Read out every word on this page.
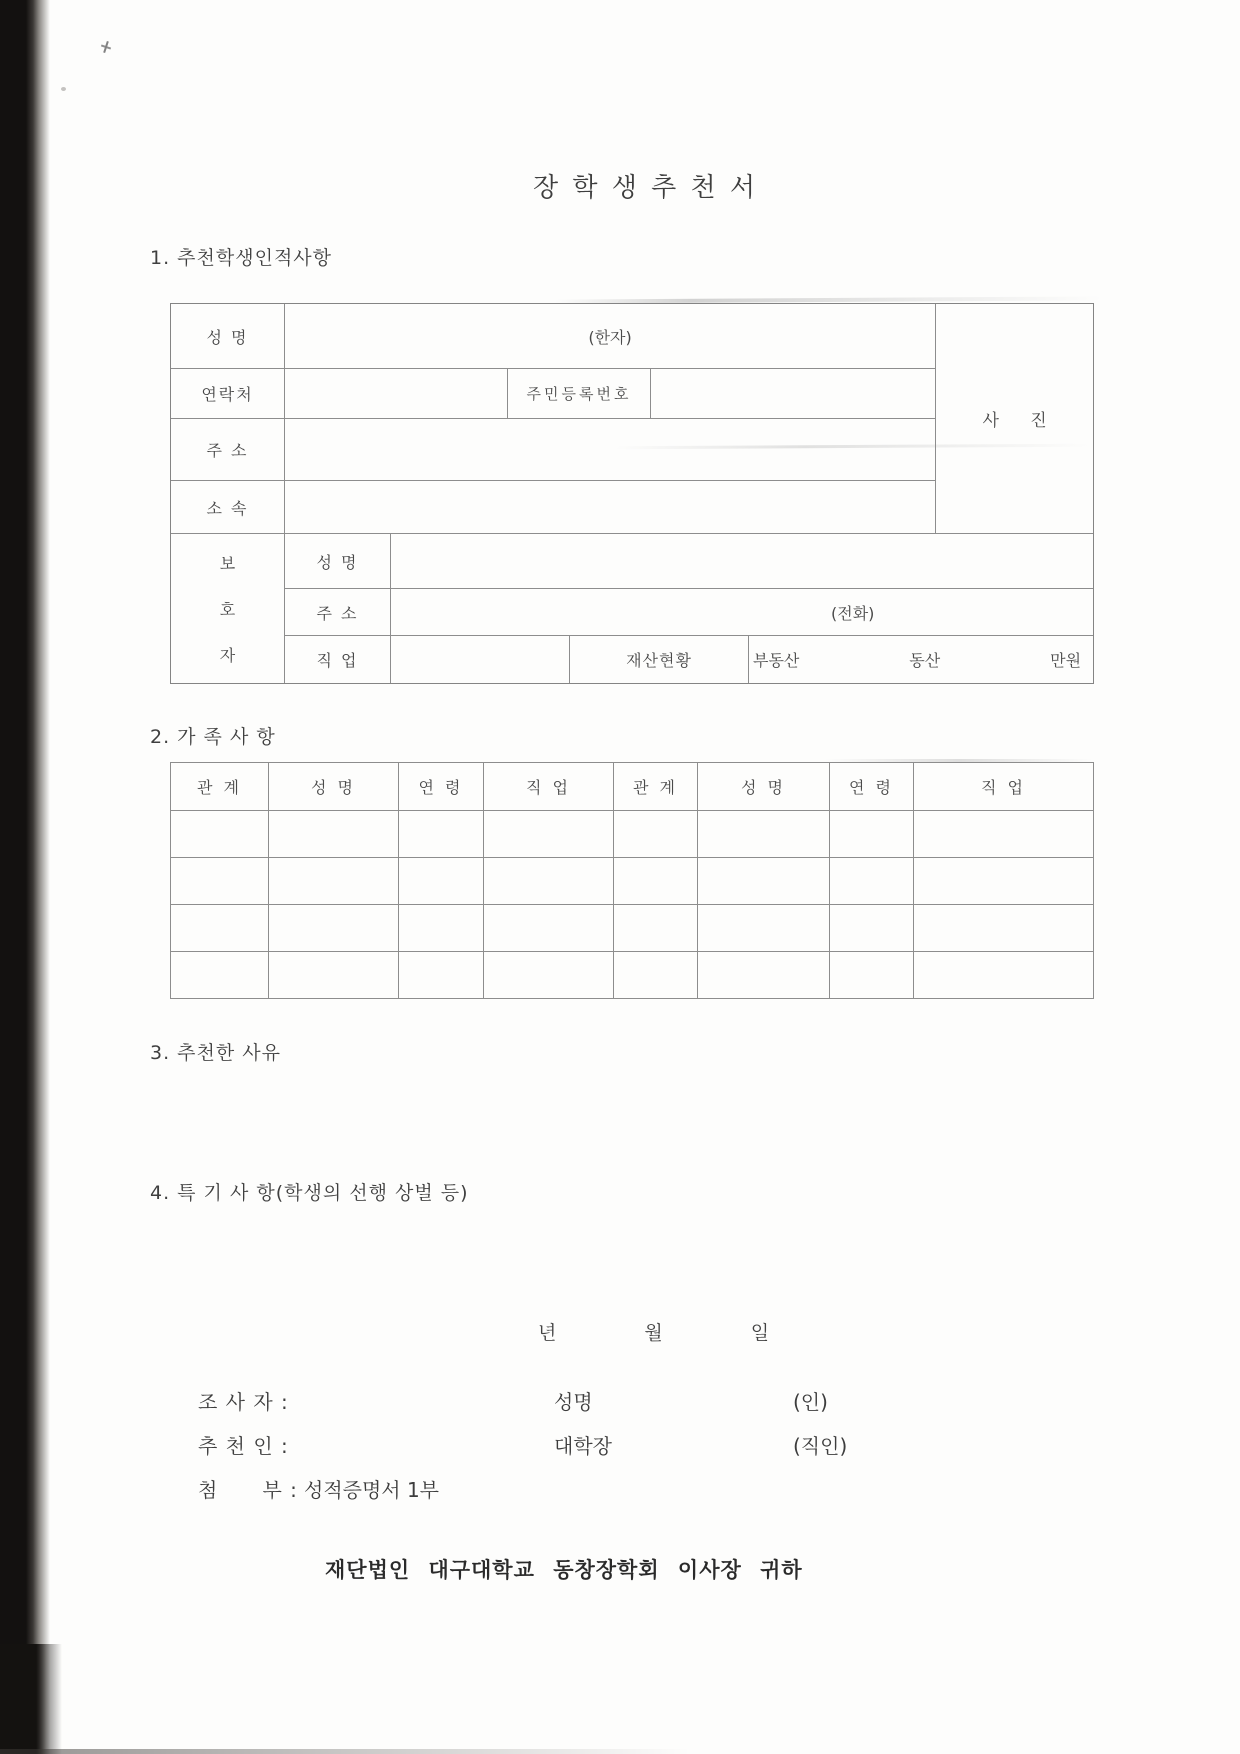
장 학 생 추 천 서
1. 추천학생인적사항
성 명	(한자)						사 진
연락처			주민등록번호				
주 소							
소 속							

보
호
자	성 명						
	주 소	(전화)					
	직 업			재산현황		부동산 동산 만원	
2. 가 족 사 항
관 계	성 명	연 령	직 업	관 계	성 명	연 령	직 업

3. 추천한 사유
4. 특 기 사 항(학생의 선행 상벌 등)
년	월	일
조 사 자 :	성명	(인)
추 천 인 :	대학장	(직인)
첨      부 : 성적증명서 1부
재단법인 대구대학교 동창장학회 이사장 귀하
